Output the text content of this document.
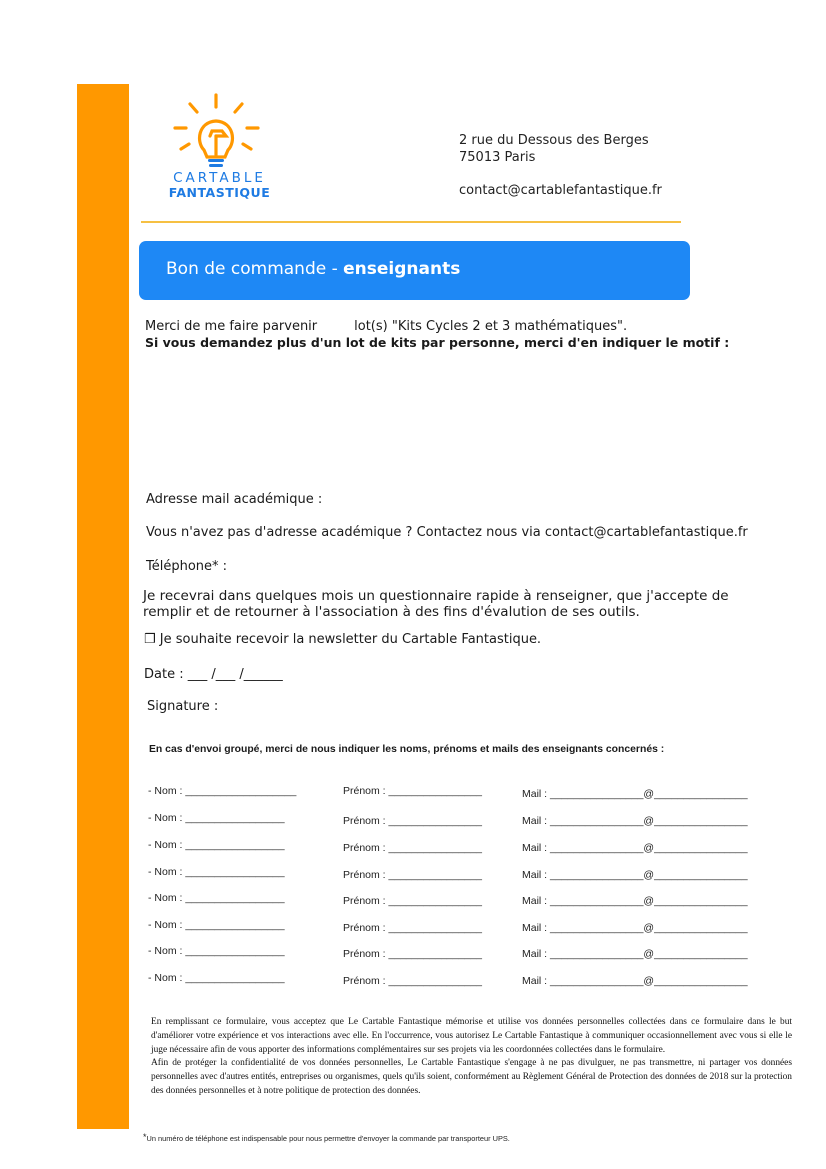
CARTABLE
FANTASTIQUE
2 rue du Dessous des Berges
75013 Paris
contact@cartablefantastique.fr
Bon de commande - enseignants
Merci de me faire parvenir	lot(s) "Kits Cycles 2 et 3 mathématiques".
Si vous demandez plus d'un lot de kits par personne, merci d'en indiquer le motif :
Adresse mail académique :
Vous n'avez pas d'adresse académique ? Contactez nous via contact@cartablefantastique.fr
Téléphone* :
Je recevrai dans quelques mois un questionnaire rapide à renseigner, que j'accepte de
remplir et de retourner à l'association à des fins d'évalution de ses outils.
❒ Je souhaite recevoir la newsletter du Cartable Fantastique.
Date : ___ /___ /______
Signature :
En cas d'envoi groupé, merci de nous indiquer les noms, prénoms et mails des enseignants concernés :
- Nom : ___________________	Prénom : ________________	Mail : ________________@________________
- Nom : _________________	Prénom : ________________	Mail : ________________@________________
- Nom : _________________	Prénom : ________________	Mail : ________________@________________
- Nom : _________________	Prénom : ________________	Mail : ________________@________________
- Nom : _________________	Prénom : ________________	Mail : ________________@________________
- Nom : _________________	Prénom : ________________	Mail : ________________@________________
- Nom : _________________	Prénom : ________________	Mail : ________________@________________
- Nom : _________________	Prénom : ________________	Mail : ________________@________________

En remplissant ce formulaire, vous acceptez que Le Cartable Fantastique mémorise et utilise vos données personnelles collectées dans ce formulaire dans le but d'améliorer votre expérience et vos interactions avec elle. En l'occurrence, vous autorisez Le Cartable Fantastique à communiquer occasionnellement avec vous si elle le juge nécessaire afin de vous apporter des informations complémentaires sur ses projets via les coordonnées collectées dans le formulaire.

Afin de protéger la confidentialité de vos données personnelles, Le Cartable Fantastique s'engage à ne pas divulguer, ne pas transmettre, ni partager vos données personnelles avec d'autres entités, entreprises ou organismes, quels qu'ils soient, conformément au Règlement Général de Protection des données de 2018 sur la protection des données personnelles et à notre politique de protection des données.

*Un numéro de téléphone est indispensable pour nous permettre d'envoyer la commande par transporteur UPS.
